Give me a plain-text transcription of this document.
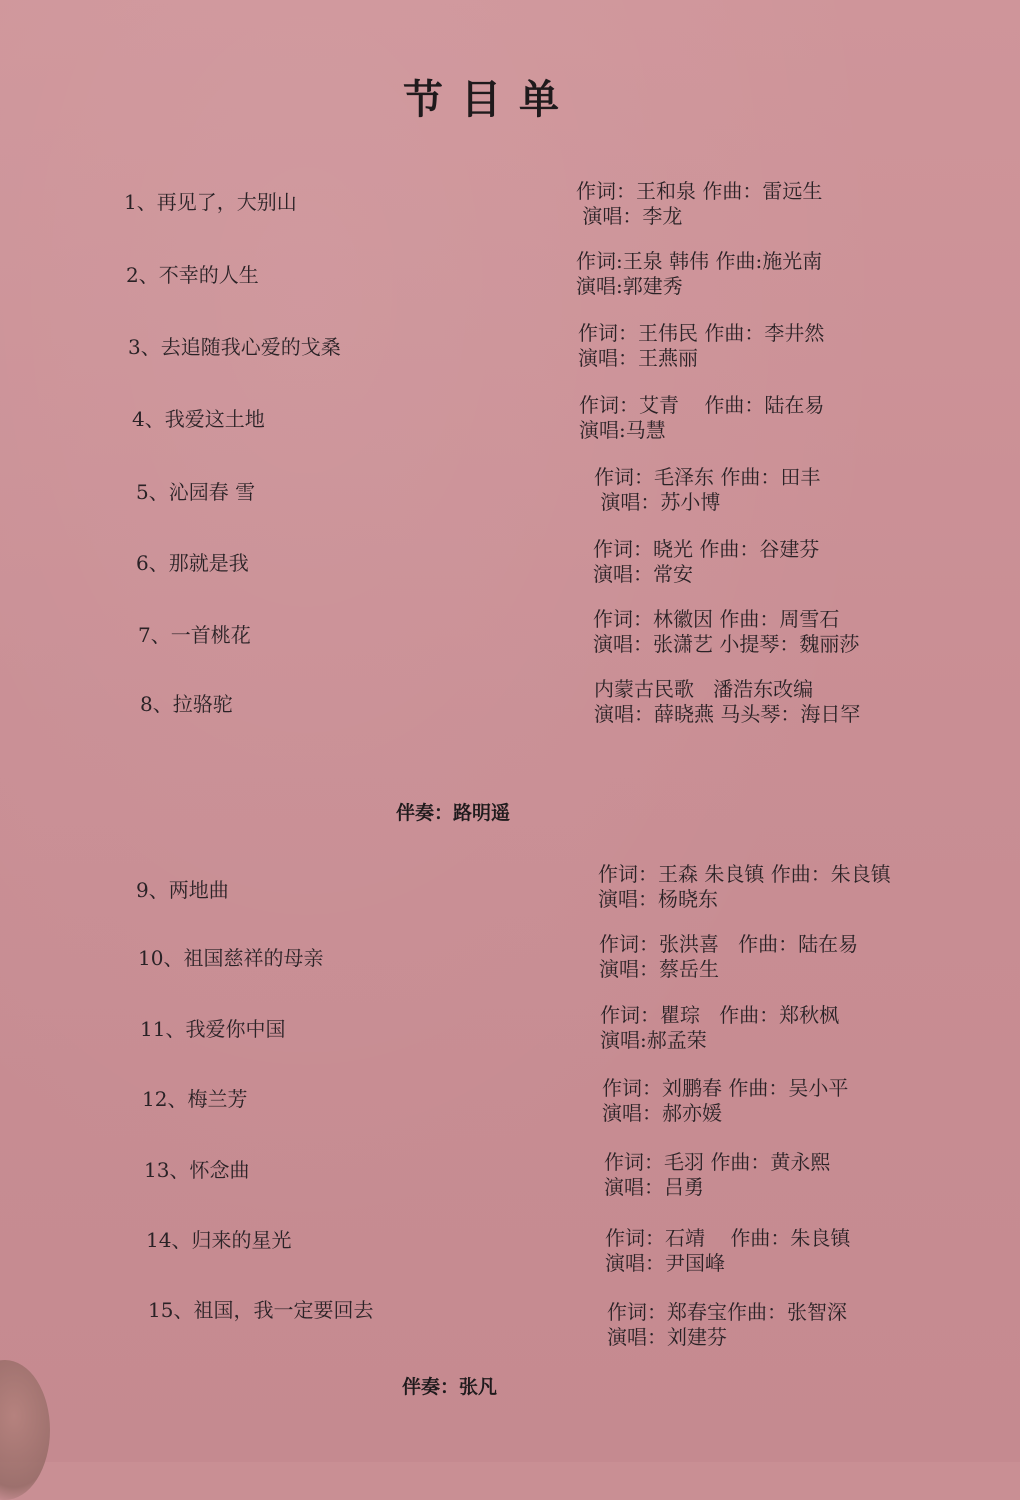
节目单
1、再见了，大别山	作词：王和泉 作曲：雷远生
演唱：李龙
2、不幸的人生
作词:王泉 韩伟 作曲:施光南
演唱:郭建秀
3、去追随我心爱的戈桑
作词：王伟民 作曲：李井然
演唱：王燕丽
4、我爱这土地
作词：艾青    作曲：陆在易
演唱:马慧
5、沁园春 雪
作词：毛泽东 作曲：田丰
演唱：苏小博
6、那就是我
作词：晓光 作曲：谷建芬
演唱：常安
7、一首桃花
作词：林徽因 作曲：周雪石
演唱：张潇艺 小提琴：魏丽莎
8、拉骆驼
内蒙古民歌   潘浩东改编
演唱：薛晓燕 马头琴：海日罕
伴奏：路明遥
9、两地曲
作词：王森 朱良镇 作曲：朱良镇
演唱：杨晓东
10、祖国慈祥的母亲
作词：张洪喜   作曲：陆在易
演唱：蔡岳生
11、我爱你中国
作词：瞿琮   作曲：郑秋枫
演唱:郝孟荣
12、梅兰芳	作词：刘鹏春 作曲：吴小平
演唱：郝亦媛
13、怀念曲	作词：毛羽 作曲：黄永熙
演唱：吕勇
14、归来的星光	作词：石靖    作曲：朱良镇
演唱：尹国峰
15、祖国，我一定要回去	作词：郑春宝作曲：张智深
演唱：刘建芬
伴奏：张凡
